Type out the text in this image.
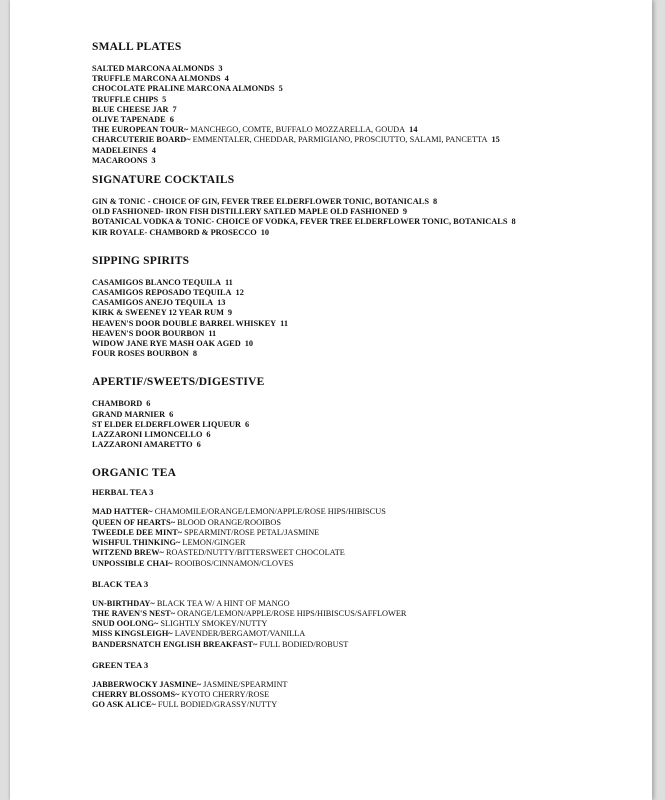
SMALL PLATES
SALTED MARCONA ALMONDS 3
TRUFFLE MARCONA ALMONDS 4
CHOCOLATE PRALINE MARCONA ALMONDS 5
TRUFFLE CHIPS 5
BLUE CHEESE JAR 7
OLIVE TAPENADE 6
THE EUROPEAN TOUR~ MANCHEGO, COMTE, BUFFALO MOZZARELLA, GOUDA 14
CHARCUTERIE BOARD~ EMMENTALER, CHEDDAR, PARMIGIANO, PROSCIUTTO, SALAMI, PANCETTA 15
MADELEINES 4
MACAROONS 3
SIGNATURE COCKTAILS
GIN & TONIC - CHOICE OF GIN, FEVER TREE ELDERFLOWER TONIC, BOTANICALS 8
OLD FASHIONED- IRON FISH DISTILLERY SATLED MAPLE OLD FASHIONED 9
BOTANICAL VODKA & TONIC- CHOICE OF VODKA, FEVER TREE ELDERFLOWER TONIC, BOTANICALS 8
KIR ROYALE- CHAMBORD & PROSECCO 10
SIPPING SPIRITS
CASAMIGOS BLANCO TEQUILA 11
CASAMIGOS REPOSADO TEQUILA 12
CASAMIGOS ANEJO TEQUILA 13
KIRK & SWEENEY 12 YEAR RUM 9
HEAVEN'S DOOR DOUBLE BARREL WHISKEY 11
HEAVEN'S DOOR BOURBON 11
WIDOW JANE RYE MASH OAK AGED 10
FOUR ROSES BOURBON 8
APERTIF/SWEETS/DIGESTIVE
CHAMBORD 6
GRAND MARNIER 6
ST ELDER ELDERFLOWER LIQUEUR 6
LAZZARONI LIMONCELLO 6
LAZZARONI AMARETTO 6
ORGANIC TEA
HERBAL TEA 3
MAD HATTER~ CHAMOMILE/ORANGE/LEMON/APPLE/ROSE HIPS/HIBISCUS
QUEEN OF HEARTS~ BLOOD ORANGE/ROOIBOS
TWEEDLE DEE MINT~ SPEARMINT/ROSE PETAL/JASMINE
WISHFUL THINKING~ LEMON/GINGER
WITZEND BREW~ ROASTED/NUTTY/BITTERSWEET CHOCOLATE
UNPOSSIBLE CHAI~ ROOIBOS/CINNAMON/CLOVES
BLACK TEA 3
UN-BIRTHDAY~ BLACK TEA W/ A HINT OF MANGO
THE RAVEN'S NEST~ ORANGE/LEMON/APPLE/ROSE HIPS/HIBISCUS/SAFFLOWER
SNUD OOLONG~ SLIGHTLY SMOKEY/NUTTY
MISS KINGSLEIGH~ LAVENDER/BERGAMOT/VANILLA
BANDERSNATCH ENGLISH BREAKFAST~ FULL BODIED/ROBUST
GREEN TEA 3
JABBERWOCKY JASMINE~ JASMINE/SPEARMINT
CHERRY BLOSSOMS~ KYOTO CHERRY/ROSE
GO ASK ALICE~ FULL BODIED/GRASSY/NUTTY
